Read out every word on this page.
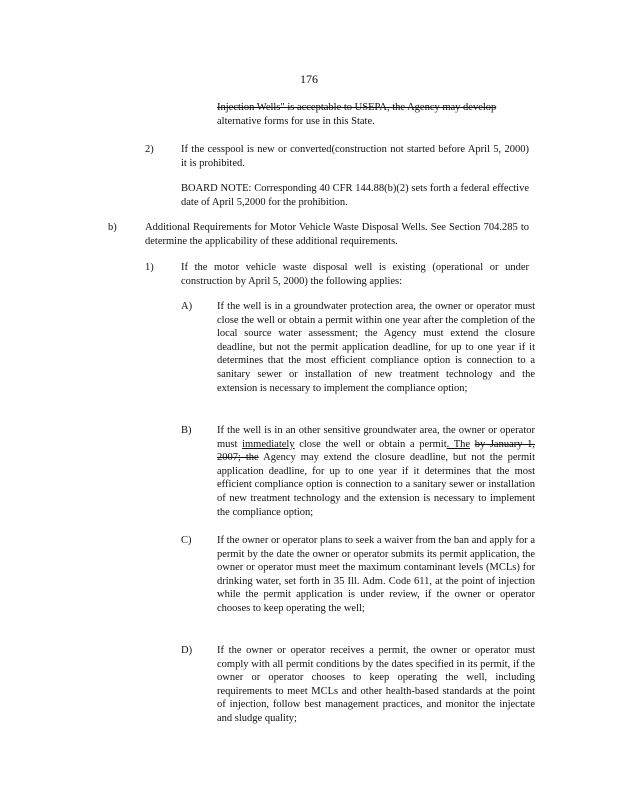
176
Injection Wells" is acceptable to USEPA, the Agency may develop
alternative forms for use in this State.
2)	If the cesspool is new or converted(construction not started before April 5, 2000) it is prohibited.

BOARD NOTE: Corresponding 40 CFR 144.88(b)(2) sets forth a federal effective date of April 5,2000 for the prohibition.

b)	Additional Requirements for Motor Vehicle Waste Disposal Wells. See Section 704.285 to determine the applicability of these additional requirements.

1)	If the motor vehicle waste disposal well is existing (operational or under construction by April 5, 2000) the following applies:

A) If the well is in a groundwater protection area, the owner or operator must close the well or obtain a permit within one year after the completion of the local source water assessment; the Agency must extend the closure deadline, but not the permit application deadline, for up to one year if it determines that the most efficient compliance option is connection to a sanitary sewer or installation of new treatment technology and the extension is necessary to implement the compliance option;

B) If the well is in an other sensitive groundwater area, the owner or operator must immediately close the well or obtain a permit. The by January 1, 2007; the Agency may extend the closure deadline, but not the permit application deadline, for up to one year if it determines that the most efficient compliance option is connection to a sanitary sewer or installation of new treatment technology and the extension is necessary to implement the compliance option;

C) If the owner or operator plans to seek a waiver from the ban and apply for a permit by the date the owner or operator submits its permit application, the owner or operator must meet the maximum contaminant levels (MCLs) for drinking water, set forth in 35 Ill. Adm. Code 611, at the point of injection while the permit application is under review, if the owner or operator chooses to keep operating the well;

D) If the owner or operator receives a permit, the owner or operator must comply with all permit conditions by the dates specified in its permit, if the owner or operator chooses to keep operating the well, including requirements to meet MCLs and other health-based standards at the point of injection, follow best management practices, and monitor the injectate and sludge quality;
